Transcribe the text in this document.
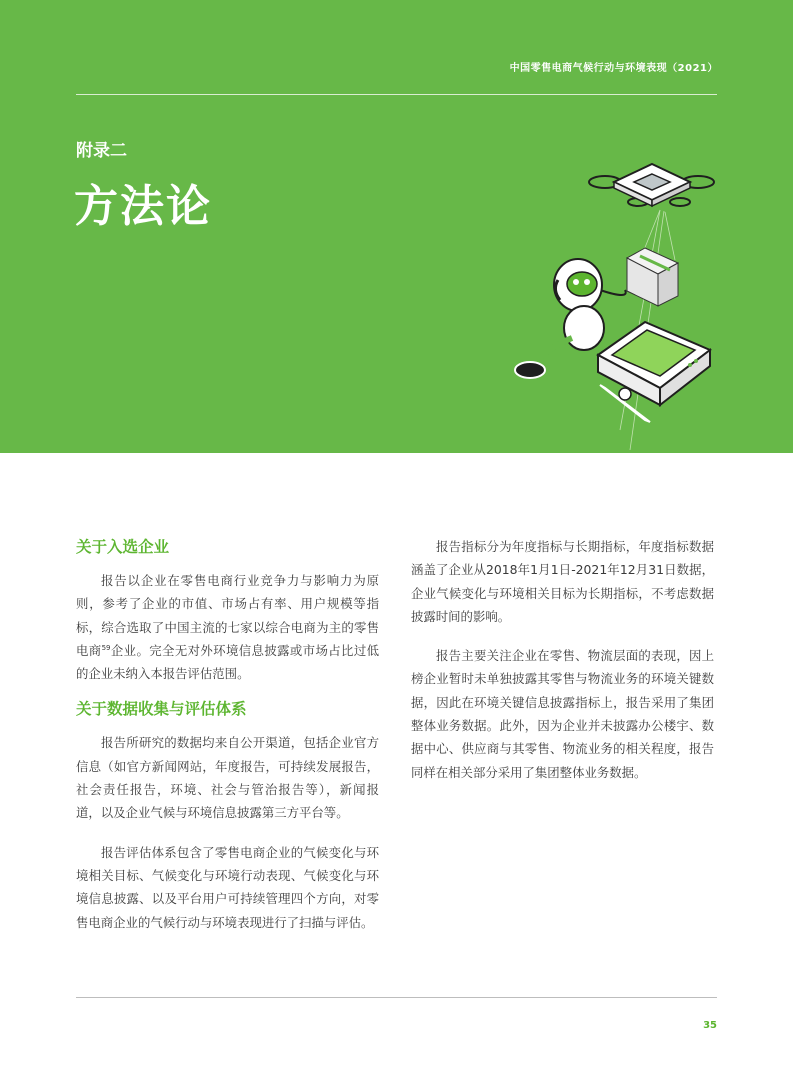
中国零售电商气候行动与环境表现（2021）
附录二
方法论
关于入选企业

报告以企业在零售电商行业竞争力与影响力为原则，参考了企业的市值、市场占有率、用户规模等指标，综合选取了中国主流的七家以综合电商为主的零售电商$^{59}$企业。完全无对外环境信息披露或市场占比过低的企业未纳入本报告评估范围。

关于数据收集与评估体系

报告所研究的数据均来自公开渠道，包括企业官方信息（如官方新闻网站，年度报告，可持续发展报告，社会责任报告，环境、社会与管治报告等），新闻报道，以及企业气候与环境信息披露第三方平台等。

报告评估体系包含了零售电商企业的气候变化与环境相关目标、气候变化与环境行动表现、气候变化与环境信息披露、以及平台用户可持续管理四个方向，对零售电商企业的气候行动与环境表现进行了扫描与评估。

报告指标分为年度指标与长期指标，年度指标数据涵盖了企业从2018年1月1日-2021年12月31日数据，企业气候变化与环境相关目标为长期指标，不考虑数据披露时间的影响。

报告主要关注企业在零售、物流层面的表现，因上榜企业暂时未单独披露其零售与物流业务的环境关键数据，因此在环境关键信息披露指标上，报告采用了集团整体业务数据。此外，因为企业并未披露办公楼宇、数据中心、供应商与其零售、物流业务的相关程度，报告同样在相关部分采用了集团整体业务数据。

35
